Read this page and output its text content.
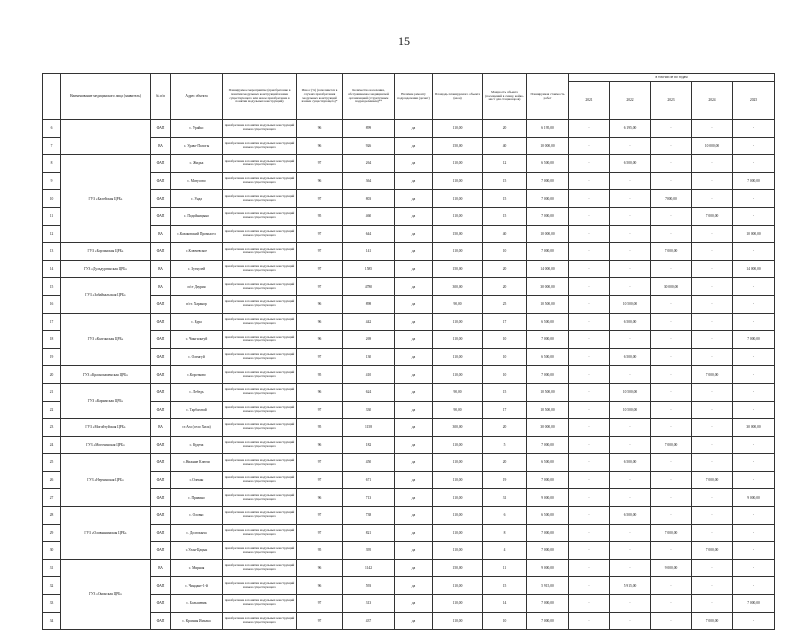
15
	Наименование медицинского лица (заявитель)	№ п/п	Адрес объекта	Планируемое мероприятие (приобретение в понятии модульных конструкций взамен существующего или новое приобретение в понятии модульных конструкций)	Износ (%) (заполняется в случаях приобретения модульных конструкций взамен существующего)*	Количество населения, обслуживаемое медицинской организацией (структурным подразделением)**	Наличие ремонту подразделения (да/нет)	Площадь планируемого объекта (кв.м)	Мощность объекта (посещений в смену, койко-мест для стационаров)	Планируемая стоимость работ	в том числе по годам				
											2021	2022	2023	2024	2025
6		ФАП	с. Урайкс	приобретение в понятии модульных конструкций взамен существующего	96	899	да	110,00	20	6 195,00	-	6 195,00	-	-	-
7		ВА	с. Удаво-Пологы	приобретение в понятии модульных конструкций взамен существующего	96	926	да	150,00	40	10 000,00	-	-	-	10 000,00	-
8	ГУЗ «Балейская ЦРБ»	ФАП	с. Жидка	приобретение в понятии модульных конструкций взамен существующего	97	264	да	110,00	12	6 500,00	-	6 500,00	-	-	-
9		ФАП	с. Матусово	приобретение в понятии модульных конструкций взамен существующего	96	364	да	110,00	15	7 000,00	-	-	-	-	7 000,00
10		ФАП	с. Унда	приобретение в понятии модульных конструкций взамен существующего	97	803	да	110,00	15	7 000,00	-	-	7000,00	-	-
11		ФАП	с. Подойницыно	приобретение в понятии модульных конструкций взамен существующего	95	460	да	110,00	15	7 000,00	-	-	-	7 000,00	-
12		ВА	с.Казаковский Промысел	приобретение в понятии модульных конструкций взамен существующего	97	644	да	150,00	40	10 000,00	-	-	-	-	10 000,00
13	ГУЗ «Борзинская ЦРБ»	ФАП	с.Ключевское	приобретение в понятии модульных конструкций взамен существующего	97	141	да	110,00	10	7 000,00	-	-	7 000,00	-	-
14	ГУЗ «Дульдургинская ЦРБ»	ВА	с. Зуткулей	приобретение в понятии модульных конструкций взамен существующего	97	1585	да	150,00	20	14 000,00	-	-	-	-	14 000,00
15	ГУЗ «Забайкальская ЦРБ»	ВА	п/ст Даурия	приобретение в понятии модульных конструкций взамен существующего	97	4780	да	300,00	20	30 000,00	-	-	30 000,00	-	-
16		ФАП	п/ст. Харанор	приобретение в понятии модульных конструкций взамен существующего	96	898	да	90,00	25	10 500,00	-	10 500,00	-	-	-
17	ГУЗ «Калганская ЦРБ»	ФАП	с. Бура	приобретение в понятии модульных конструкций взамен существующего	96	442	да	110,00	17	6 500,00	-	6 500,00	-	-	-
18		ФАП	с. Чингильтуй	приобретение в понятии модульных конструкций взамен существующего	96	269	да	110,00	10	7 000,00	-	-	-	-	7 000,00
19		ФАП	с. Оленгуй	приобретение в понятии модульных конструкций взамен существующего	97	130	да	110,00	10	6 500,00	-	6 500,00	-	-	-
20	ГУЗ «Краснокаменская ЦРБ»	ФАП	с.Коротково	приобретение в понятии модульных конструкций взамен существующего	95	410	да	110,00	10	7 000,00	-	-	-	7 000,00	-
21	ГУЗ «Карымская ЦРБ»	ФАП	с. Лебедь	приобретение в понятии модульных конструкций взамен существующего	96	624	да	90,00	15	10 500,00	-	10 500,00	-	-	-
22		ФАП	с. Тарбагатай	приобретение в понятии модульных конструкций взамен существующего	97	330	да	90,00	17	10 500,00	-	10 500,00	-	-	-
23	ГУЗ «Могойтуйская ЦРБ»	ВА	ст.Ага (село Хила)	приобретение в понятии модульных конструкций взамен существующего	95	1158	да	300,00	20	30 000,00	-	-	-	-	30 000,00
24	ГУЗ «Могочинская ЦРБ»	ФАП	с. Кудеча	приобретение в понятии модульных конструкций взамен существующего	96	182	да	110,00	5	7 000,00	-	-	7 000,00	-	-
25	ГУЗ «Нерчинская ЦРБ»	ФАП	с.Нижние Ключи	приобретение в понятии модульных конструкций взамен существующего	97	450	да	110,00	20	6 500,00	-	6 500,00	-	-	-
26		ФАП	с.Олекан	приобретение в понятии модульных конструкций взамен существующего	97	671	да	110,00	19	7 000,00	-	-	-	7 000,00	-
27		ФАП	с. Правино	приобретение в понятии модульных конструкций взамен существующего	96	713	да	110,00	31	9 000,00	-	-	-	-	9 000,00
28	ГУЗ «Оловяннинская ЦРБ»	ФАП	с. Оловяс	приобретение в понятии модульных конструкций взамен существующего	97	738	да	110,00	6	6 500,00	-	6 500,00	-	-	-
29		ФАП	с. Долгокыча	приобретение в понятии модульных конструкций взамен существующего	97	821	да	110,00	8	7 000,00	-	-	7 000,00	-	-
30		ФАП	с.Улан-Цацык	приобретение в понятии модульных конструкций взамен существующего	95	395	да	110,00	4	7 000,00	-	-	-	7 000,00	-
31	ГУЗ «Ононская ЦРБ»	ВА	с. Мирная	приобретение в понятии модульных конструкций взамен существующего	96	1142	да	150,00	11	9 000,00	-	-	9 000,00	-	-
32		ФАП	с. Чиндант-1-й	приобретение в понятии модульных конструкций взамен существующего	96	593	да	110,00	15	5 915,00	-	5 915,00	-	-	-
33		ФАП	с. Большевик	приобретение в понятии модульных конструкций взамен существующего	97	313	да	110,00	14	7 000,00	-	-	-	-	7 000,00
34		ФАП	с. Кразная Ималка	приобретение в понятии модульных конструкций взамен существующего	97	437	да	110,00	10	7 000,00	-	-	-	7 000,00	-
